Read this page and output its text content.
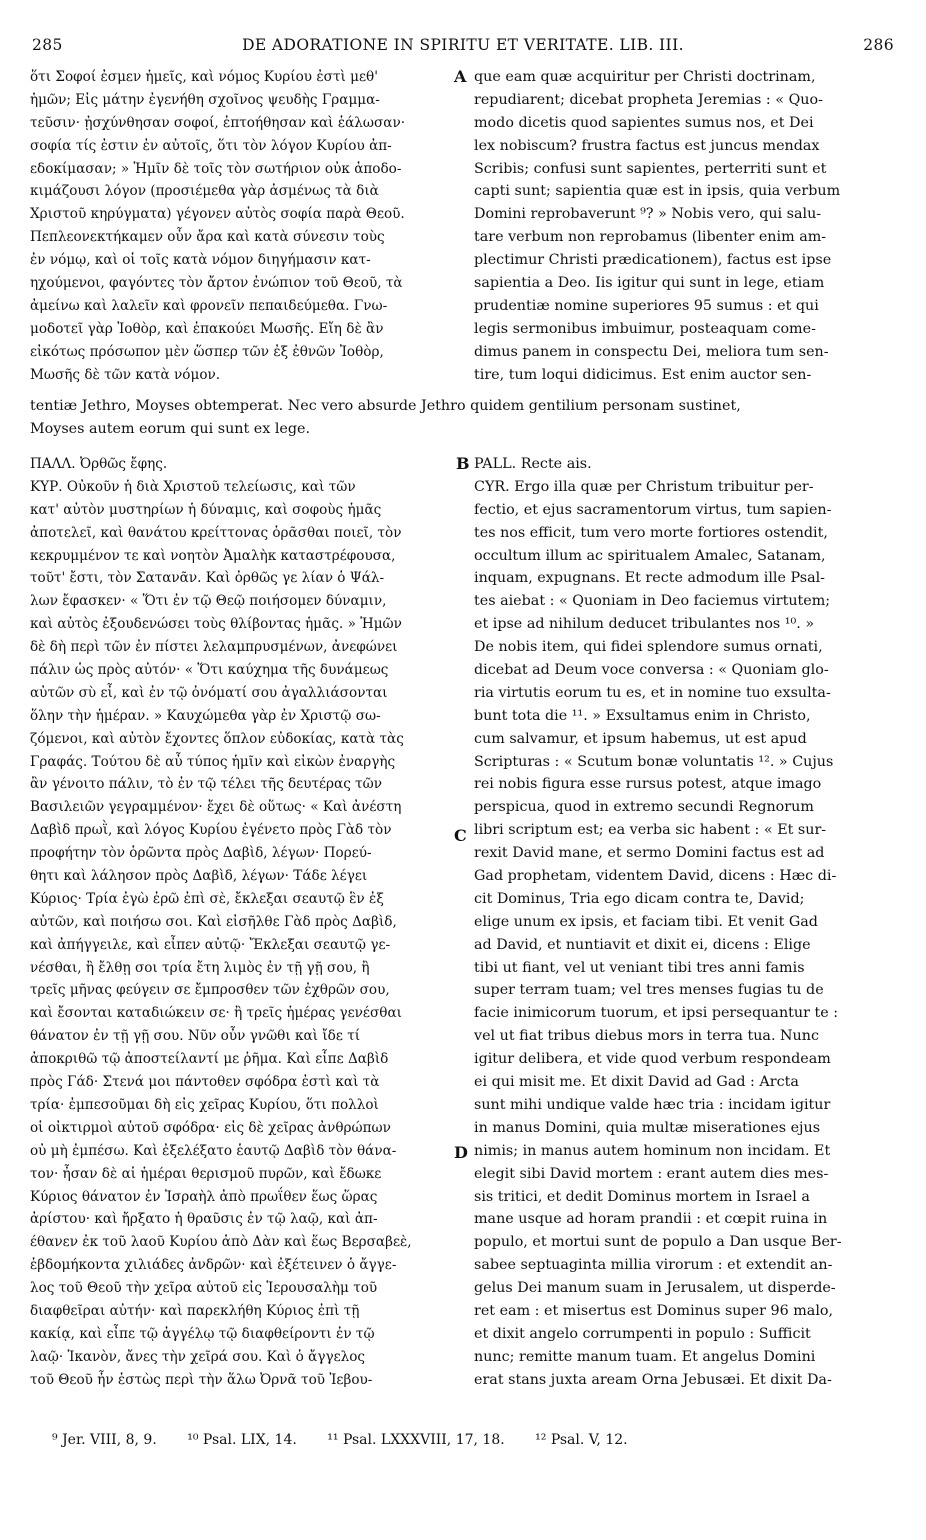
285	DE ADORATIONE IN SPIRITU ET VERITATE. LIB. III.	286
A
B
C
D
ὅτι Σοφοί ἐσμεν ἡμεῖς, καὶ νόμος Κυρίου ἐστὶ μεθ'
ἡμῶν; Εἰς μάτην ἐγενήθη σχοῖνος ψευδὴς Γραμμα-
τεῦσιν· ᾐσχύνθησαν σοφοί, ἐπτοήθησαν καὶ ἑάλωσαν·
σοφία τίς ἐστιν ἐν αὐτοῖς, ὅτι τὸν λόγον Κυρίου ἀπ-
εδοκίμασαν; » Ἡμῖν δὲ τοῖς τὸν σωτήριον οὐκ ἀποδο-
κιμάζουσι λόγον (προσιέμεθα γὰρ ἀσμένως τὰ διὰ
Χριστοῦ κηρύγματα) γέγονεν αὐτὸς σοφία παρὰ Θεοῦ.
Πεπλεονεκτήκαμεν οὖν ἄρα καὶ κατὰ σύνεσιν τοὺς
ἐν νόμῳ, καὶ οἱ τοῖς κατὰ νόμον διηγήμασιν κατ-
ηχούμενοι, φαγόντες τὸν ἄρτον ἐνώπιον τοῦ Θεοῦ, τὰ
ἀμείνω καὶ λαλεῖν καὶ φρονεῖν πεπαιδεύμεθα. Γνω-
μοδοτεῖ γὰρ Ἰοθὸρ, καὶ ἐπακούει Μωσῆς. Εἴη δὲ ἂν
εἰκότως πρόσωπον μὲν ὥσπερ τῶν ἐξ ἐθνῶν Ἰοθὸρ,
Μωσῆς δὲ τῶν κατὰ νόμον.
que eam quæ acquiritur per Christi doctrinam,
repudiarent; dicebat propheta Jeremias : « Quo-
modo dicetis quod sapientes sumus nos, et Dei
lex nobiscum? frustra factus est juncus mendax
Scribis; confusi sunt sapientes, perterriti sunt et
capti sunt; sapientia quæ est in ipsis, quia verbum
Domini reprobaverunt ⁹? » Nobis vero, qui salu-
tare verbum non reprobamus (libenter enim am-
plectimur Christi prædicationem), factus est ipse
sapientia a Deo. Iis igitur qui sunt in lege, etiam
prudentiæ nomine superiores 95 sumus : et qui
legis sermonibus imbuimur, posteaquam come-
dimus panem in conspectu Dei, meliora tum sen-
tire, tum loqui didicimus. Est enim auctor sen-
tentiæ Jethro, Moyses obtemperat. Nec vero absurde Jethro quidem gentilium personam sustinet,
Moyses autem eorum qui sunt ex lege.
ΠΑΛΛ. Ὀρθῶς ἔφης.
ΚΥΡ. Οὐκοῦν ἡ διὰ Χριστοῦ τελείωσις, καὶ τῶν
κατ' αὐτὸν μυστηρίων ἡ δύναμις, καὶ σοφοὺς ἡμᾶς
ἀποτελεῖ, καὶ θανάτου κρείττονας ὁρᾶσθαι ποιεῖ, τὸν
κεκρυμμένον τε καὶ νοητὸν Ἀμαλὴκ καταστρέφουσα,
τοῦτ' ἔστι, τὸν Σατανᾶν. Καὶ ὀρθῶς γε λίαν ὁ Ψάλ-
λων ἔφασκεν· « Ὅτι ἐν τῷ Θεῷ ποιήσομεν δύναμιν,
καὶ αὐτὸς ἐξουδενώσει τοὺς θλίβοντας ἡμᾶς. » Ἡμῶν
δὲ δὴ περὶ τῶν ἐν πίστει λελαμπρυσμένων, ἀνεφώνει
πάλιν ὡς πρὸς αὐτόν· « Ὅτι καύχημα τῆς δυνάμεως
αὐτῶν σὺ εἶ, καὶ ἐν τῷ ὀνόματί σου ἀγαλλιάσονται
ὅλην τὴν ἡμέραν. » Καυχώμεθα γὰρ ἐν Χριστῷ σω-
ζόμενοι, καὶ αὐτὸν ἔχοντες ὅπλον εὐδοκίας, κατὰ τὰς
Γραφάς. Τούτου δὲ αὖ τύπος ἡμῖν καὶ εἰκὼν ἐναργὴς
ἂν γένοιτο πάλιν, τὸ ἐν τῷ τέλει τῆς δευτέρας τῶν
Βασιλειῶν γεγραμμένον· ἔχει δὲ οὕτως· « Καὶ ἀνέστη
Δαβὶδ πρωῒ, καὶ λόγος Κυρίου ἐγένετο πρὸς Γὰδ τὸν
προφήτην τὸν ὁρῶντα πρὸς Δαβὶδ, λέγων· Πορεύ-
θητι καὶ λάλησον πρὸς Δαβὶδ, λέγων· Τάδε λέγει
Κύριος· Τρία ἐγὼ ἐρῶ ἐπὶ σὲ, ἔκλεξαι σεαυτῷ ἓν ἐξ
αὐτῶν, καὶ ποιήσω σοι. Καὶ εἰσῆλθε Γὰδ πρὸς Δαβὶδ,
καὶ ἀπήγγειλε, καὶ εἶπεν αὐτῷ· Ἔκλεξαι σεαυτῷ γε-
νέσθαι, ἢ ἔλθῃ σοι τρία ἔτη λιμὸς ἐν τῇ γῇ σου, ἢ
τρεῖς μῆνας φεύγειν σε ἔμπροσθεν τῶν ἐχθρῶν σου,
καὶ ἔσονται καταδιώκειν σε· ἢ τρεῖς ἡμέρας γενέσθαι
θάνατον ἐν τῇ γῇ σου. Νῦν οὖν γνῶθι καὶ ἴδε τί
ἀποκριθῶ τῷ ἀποστείλαντί με ῥῆμα. Καὶ εἶπε Δαβὶδ
πρὸς Γάδ· Στενά μοι πάντοθεν σφόδρα ἐστὶ καὶ τὰ
τρία· ἐμπεσοῦμαι δὴ εἰς χεῖρας Κυρίου, ὅτι πολλοὶ
οἱ οἰκτιρμοὶ αὐτοῦ σφόδρα· εἰς δὲ χεῖρας ἀνθρώπων
οὐ μὴ ἐμπέσω. Καὶ ἐξελέξατο ἑαυτῷ Δαβὶδ τὸν θάνα-
τον· ἦσαν δὲ αἱ ἡμέραι θερισμοῦ πυρῶν, καὶ ἔδωκε
Κύριος θάνατον ἐν Ἰσραὴλ ἀπὸ πρωΐθεν ἕως ὥρας
ἀρίστου· καὶ ἤρξατο ἡ θραῦσις ἐν τῷ λαῷ, καὶ ἀπ-
έθανεν ἐκ τοῦ λαοῦ Κυρίου ἀπὸ Δὰν καὶ ἕως Βερσαβεὲ,
ἑβδομήκοντα χιλιάδες ἀνδρῶν· καὶ ἐξέτεινεν ὁ ἄγγε-
λος τοῦ Θεοῦ τὴν χεῖρα αὐτοῦ εἰς Ἱερουσαλὴμ τοῦ
διαφθεῖραι αὐτήν· καὶ παρεκλήθη Κύριος ἐπὶ τῇ
κακίᾳ, καὶ εἶπε τῷ ἀγγέλῳ τῷ διαφθείροντι ἐν τῷ
λαῷ· Ἱκανὸν, ἄνες τὴν χεῖρά σου. Καὶ ὁ ἄγγελος
τοῦ Θεοῦ ἦν ἑστὼς περὶ τὴν ἅλω Ὀρνᾶ τοῦ Ἰεβου-
PALL. Recte ais.
CYR. Ergo illa quæ per Christum tribuitur per-
fectio, et ejus sacramentorum virtus, tum sapien-
tes nos efficit, tum vero morte fortiores ostendit,
occultum illum ac spiritualem Amalec, Satanam,
inquam, expugnans. Et recte admodum ille Psal-
tes aiebat : « Quoniam in Deo faciemus virtutem;
et ipse ad nihilum deducet tribulantes nos ¹⁰. »
De nobis item, qui fidei splendore sumus ornati,
dicebat ad Deum voce conversa : « Quoniam glo-
ria virtutis eorum tu es, et in nomine tuo exsulta-
bunt tota die ¹¹. » Exsultamus enim in Christo,
cum salvamur, et ipsum habemus, ut est apud
Scripturas : « Scutum bonæ voluntatis ¹². » Cujus
rei nobis figura esse rursus potest, atque imago
perspicua, quod in extremo secundi Regnorum
libri scriptum est; ea verba sic habent : « Et sur-
rexit David mane, et sermo Domini factus est ad
Gad prophetam, videntem David, dicens : Hæc di-
cit Dominus, Tria ego dicam contra te, David;
elige unum ex ipsis, et faciam tibi. Et venit Gad
ad David, et nuntiavit et dixit ei, dicens : Elige
tibi ut fiant, vel ut veniant tibi tres anni famis
super terram tuam; vel tres menses fugias tu de
facie inimicorum tuorum, et ipsi persequantur te :
vel ut fiat tribus diebus mors in terra tua. Nunc
igitur delibera, et vide quod verbum respondeam
ei qui misit me. Et dixit David ad Gad : Arcta
sunt mihi undique valde hæc tria : incidam igitur
in manus Domini, quia multæ miserationes ejus
nimis; in manus autem hominum non incidam. Et
elegit sibi David mortem : erant autem dies mes-
sis tritici, et dedit Dominus mortem in Israel a
mane usque ad horam prandii : et cœpit ruina in
populo, et mortui sunt de populo a Dan usque Ber-
sabee septuaginta millia virorum : et extendit an-
gelus Dei manum suam in Jerusalem, ut disperde-
ret eam : et misertus est Dominus super 96 malo,
et dixit angelo corrumpenti in populo : Sufficit
nunc; remitte manum tuam. Et angelus Domini
erat stans juxta aream Orna Jebusæi. Et dixit Da-
⁹ Jer. VIII, 8, 9. ¹⁰ Psal. LIX, 14. ¹¹ Psal. LXXXVIII, 17, 18. ¹² Psal. V, 12.
